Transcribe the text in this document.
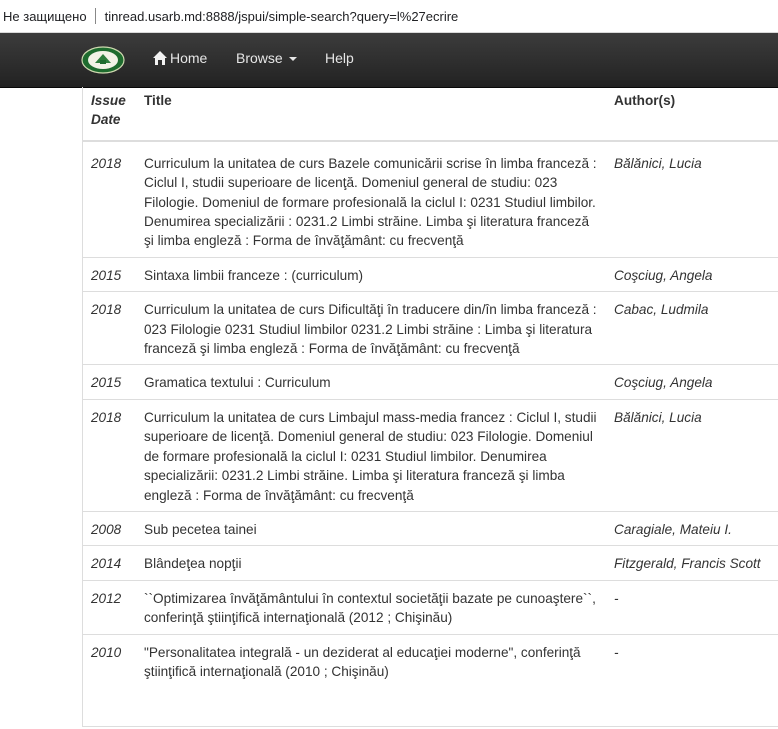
Не защищено tinread.usarb.md:8888/jspui/simple-search?query=l%27ecrire
Home Browse	Help
Issue
Date	Title	Author(s)
2018	Curriculum la unitatea de curs Bazele comunicării scrise în limba franceză : Ciclul I, studii superioare de licenţă. Domeniul general de studiu: 023 Filologie. Domeniul de formare profesională la ciclul I: 0231 Studiul limbilor. Denumirea specializării : 0231.2 Limbi străine. Limba şi literatura franceză şi limba engleză : Forma de învăţământ: cu frecvenţă	Bălănici, Lucia
2015	Sintaxa limbii franceze : (curriculum)	Coşciug, Angela
2018	Curriculum la unitatea de curs Dificultăţi în traducere din/în limba franceză : 023 Filologie 0231 Studiul limbilor 0231.2 Limbi străine : Limba şi literatura franceză şi limba engleză : Forma de învăţământ: cu frecvenţă	Cabac, Ludmila
2015	Gramatica textului : Curriculum	Coşciug, Angela
2018	Curriculum la unitatea de curs Limbajul mass-media francez : Ciclul I, studii superioare de licenţă. Domeniul general de studiu: 023 Filologie. Domeniul de formare profesională la ciclul I: 0231 Studiul limbilor. Denumirea specializării: 0231.2 Limbi străine. Limba şi literatura franceză şi limba engleză : Forma de învăţământ: cu frecvenţă	Bălănici, Lucia
2008	Sub pecetea tainei	Caragiale, Mateiu I.
2014	Blândeţea nopţii	Fitzgerald, Francis Scott
2012	``Optimizarea învăţământului în contextul societăţii bazate pe cunoaştere``, conferinţă ştiinţifică internaţională (2012 ; Chişinău)	-
2010	"Personalitatea integrală - un deziderat al educaţiei moderne", conferinţă ştiinţifică internaţională (2010 ; Chişinău)	-
